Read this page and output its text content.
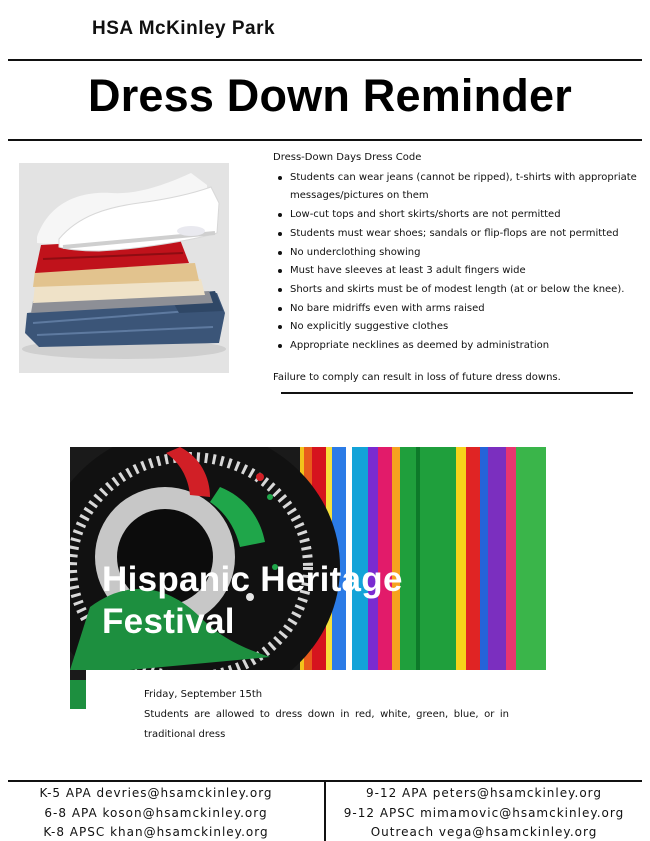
HSA McKinley Park
Dress Down Reminder
Dress-Down Days Dress Code
Students can wear jeans (cannot be ripped), t-shirts with appropriate messages/pictures on them
Low-cut tops and short skirts/shorts are not permitted
Students must wear shoes; sandals or flip-flops are not permitted
No underclothing showing
Must have sleeves at least 3 adult fingers wide
Shorts and skirts must be of modest length (at or below the knee).
No bare midriffs even with arms raised
No explicitly suggestive clothes
Appropriate necklines as deemed by administration
Failure to comply can result in loss of future dress downs.
Hispanic Heritage
Festival
Friday, September 15th
Students are allowed to dress down in red, white, green, blue, or in traditional dress
K-5 APA devries@hsamckinley.org
6-8 APA koson@hsamckinley.org
K-8 APSC khan@hsamckinley.org
9-12 APA peters@hsamckinley.org
9-12 APSC mimamovic@hsamckinley.org
Outreach vega@hsamckinley.org
